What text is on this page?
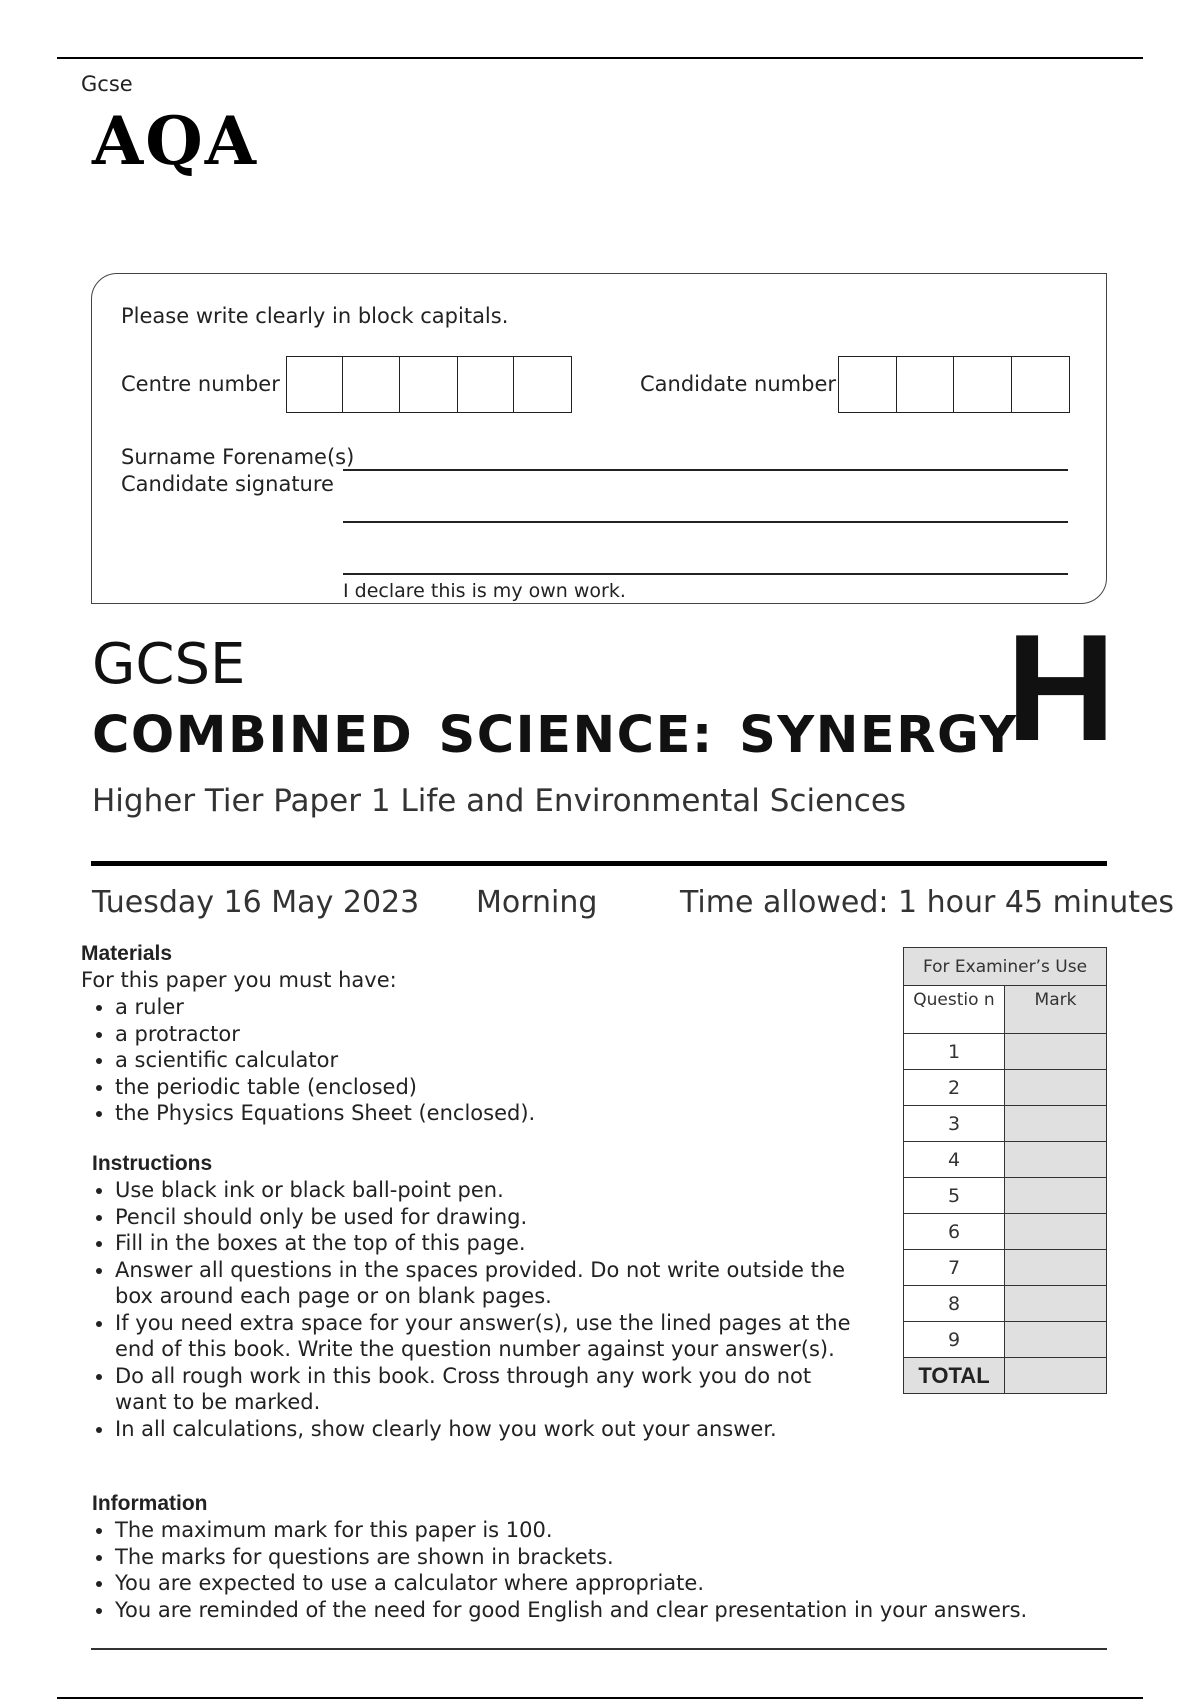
Gcse
AQA
Please write clearly in block capitals.
Centre number	Candidate number
Surname Forename(s)
Candidate signature
I declare this is my own work.
GCSE
COMBINED SCIENCE: SYNERGY
H
Higher Tier Paper 1 Life and Environmental Sciences
Tuesday 16 May 2023 Morning	Time allowed: 1 hour 45 minutes
Materials
For this paper you must have:
a ruler
a protractor
a scientific calculator
the periodic table (enclosed)
the Physics Equations Sheet (enclosed).
Instructions
Use black ink or black ball-point pen.
Pencil should only be used for drawing.
Fill in the boxes at the top of this page.
Answer all questions in the spaces provided. Do not write outside the box around each page or on blank pages.
If you need extra space for your answer(s), use the lined pages at the end of this book. Write the question number against your answer(s).
Do all rough work in this book. Cross through any work you do not want to be marked.
In all calculations, show clearly how you work out your answer.
Information
The maximum mark for this paper is 100.
The marks for questions are shown in brackets.
You are expected to use a calculator where appropriate.
You are reminded of the need for good English and clear presentation in your answers.
For Examiner’s Use	
Questio n	Mark
1	
2	
3	
4	
5	
6	
7	
8	
9	
TOTAL	
